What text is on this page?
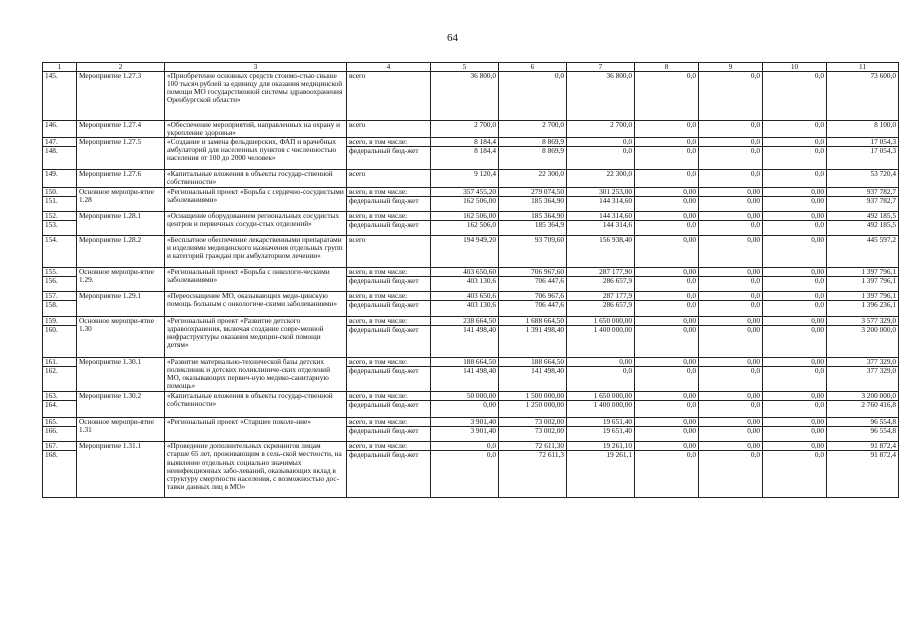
64
1	2	3	4	5	6	7	8	9	10	11
145.	Мероприятие 1.27.3	«Приобретение основных средств стоимо-стью свыше 100 тысяч рублей за единицу для оказания медицинской помощи МО государственной системы здравоохранения Оренбургской области»	всего	36 800,0	0,0	36 800,0	0,0	0,0	0,0	73 600,0
146.	Мероприятие 1.27.4	«Обеспечение мероприятий, направленных на охрану и укрепление здоровья»	всего	2 700,0	2 700,0	2 700,0	0,0	0,0	0,0	8 100,0
147.	Мероприятие 1.27.5	«Создание и замена фельдшерских, ФАП и врачебных амбулаторий для населенных пунктов с численностью населения от 100 до 2000 человек»	всего, в том числе:	8 184,4	8 869,9	0,0	0,0	0,0	0,0	17 054,3
148.			федеральный бюд-жет	8 184,4	8 869,9	0,0	0,0	0,0	0,0	17 054,3
149.	Мероприятие 1.27.6	«Капитальные вложения в объекты государ-ственной собственности»	всего	9 120,4	22 300,0	22 300,0	0,0	0,0	0,0	53 720,4
150.	Основное меропри-ятие 1.28	«Региональный проект «Борьба с сердечно-сосудистыми заболеваниями»	всего, в том числе:	357 455,20	279 074,50	301 253,00	0,00	0,00	0,00	937 782,7
151.			федеральный бюд-жет	162 506,00	185 364,90	144 314,60	0,00	0,00	0,00	937 782,7
152.	Мероприятие 1.28.1	«Оснащение оборудованием региональных сосудистых центров и первичных сосуди-стых отделений»	всего, в том числе:	162 506,00	185 364,90	144 314,60	0,00	0,00	0,00	492 185,5
153.			федеральный бюд-жет	162 506,0	185 364,9	144 314,6	0,0	0,0	0,0	492 185,5
154.	Мероприятие 1.28.2	«Бесплатное обеспечение лекарственными препаратами и изделиями медицинского назначения отдельных групп и категорий граждан при амбулаторном лечении»	всего	194 949,20	93 709,60	156 938,40	0,00	0,00	0,00	445 597,2
155.	Основное меропри-ятие 1.29.	«Региональный проект «Борьба с онкологи-ческими заболеваниями»	всего, в том числе:	403 650,60	706 967,60	287 177,90	0,00	0,00	0,00	1 397 796,1
156.			федеральный бюд-жет	403 130,6	706 447,6	286 657,9	0,0	0,0	0,0	1 397 796,1
157.	Мероприятие 1.29.1	«Переоснащение МО, оказывающих меди-цинскую помощь больным с онкологиче-скими заболеваниями»	всего, в том числе:	403 650,6	706 967,6	287 177,9	0,0	0,0	0,0	1 397 796,1
158.			федеральный бюд-жет	403 130,6	706 447,6	286 657,9	0,0	0,0	0,0	1 396 236,1
159.	Основное меропри-ятие 1.30	«Региональный проект «Развитие детского здравоохранения, включая создание совре-менной инфраструктуры оказания медицин-ской помощи детям»	всего, в том числе:	238 664,50	1 688 664,50	1 650 000,00	0,00	0,00	0,00	3 577 329,0
160.			федеральный бюд-жет	141 498,40	1 391 498,40	1 400 000,00	0,00	0,00	0,00	3 200 000,0
161.	Мероприятие 1.30.1	«Развитие материально-технической базы детских поликлиник и детских поликлиниче-ских отделений МО, оказывающих первич-ную медико-санитарную помощь»	всего, в том числе:	188 664,50	188 664,50	0,00	0,00	0,00	0,00	377 329,0
162.			федеральный бюд-жет	141 498,40	141 498,40	0,0	0,0	0,0	0,0	377 329,0
163.	Мероприятие 1.30.2	«Капитальные вложения в объекты государ-ственной собственности»	всего, в том числе:	50 000,00	1 500 000,00	1 650 000,00	0,00	0,00	0,00	3 200 000,0
164.			федеральный бюд-жет	0,00	1 250 000,00	1 400 000,00	0,0	0,0	0,0	2 760 416,8
165.	Основное меропри-ятие 1.31	«Региональный проект «Старшее поколе-ние»	всего, в том числе:	3 901,40	73 002,00	19 651,40	0,00	0,00	0,00	96 554,8
166.			федеральный бюд-жет	3 901,40	73 002,00	19 651,40	0,00	0,00	0,00	96 554,8
167.	Мероприятие 1.31.1	«Проведение дополнительных скринингов лицам старше 65 лет, проживающим в сель-ской местности, на выявление отдельных социально значимых неинфекционных забо-леваний, оказывающих вклад в структуру смертности населения, с возможностью дос-тавки данных лиц в МО»	всего, в том числе:	0,0	72 611,30	19 261,10	0,00	0,00	0,00	91 872,4
168.			федеральный бюд-жет	0,0	72 611,3	19 261,1	0,0	0,0	0,0	91 872,4
